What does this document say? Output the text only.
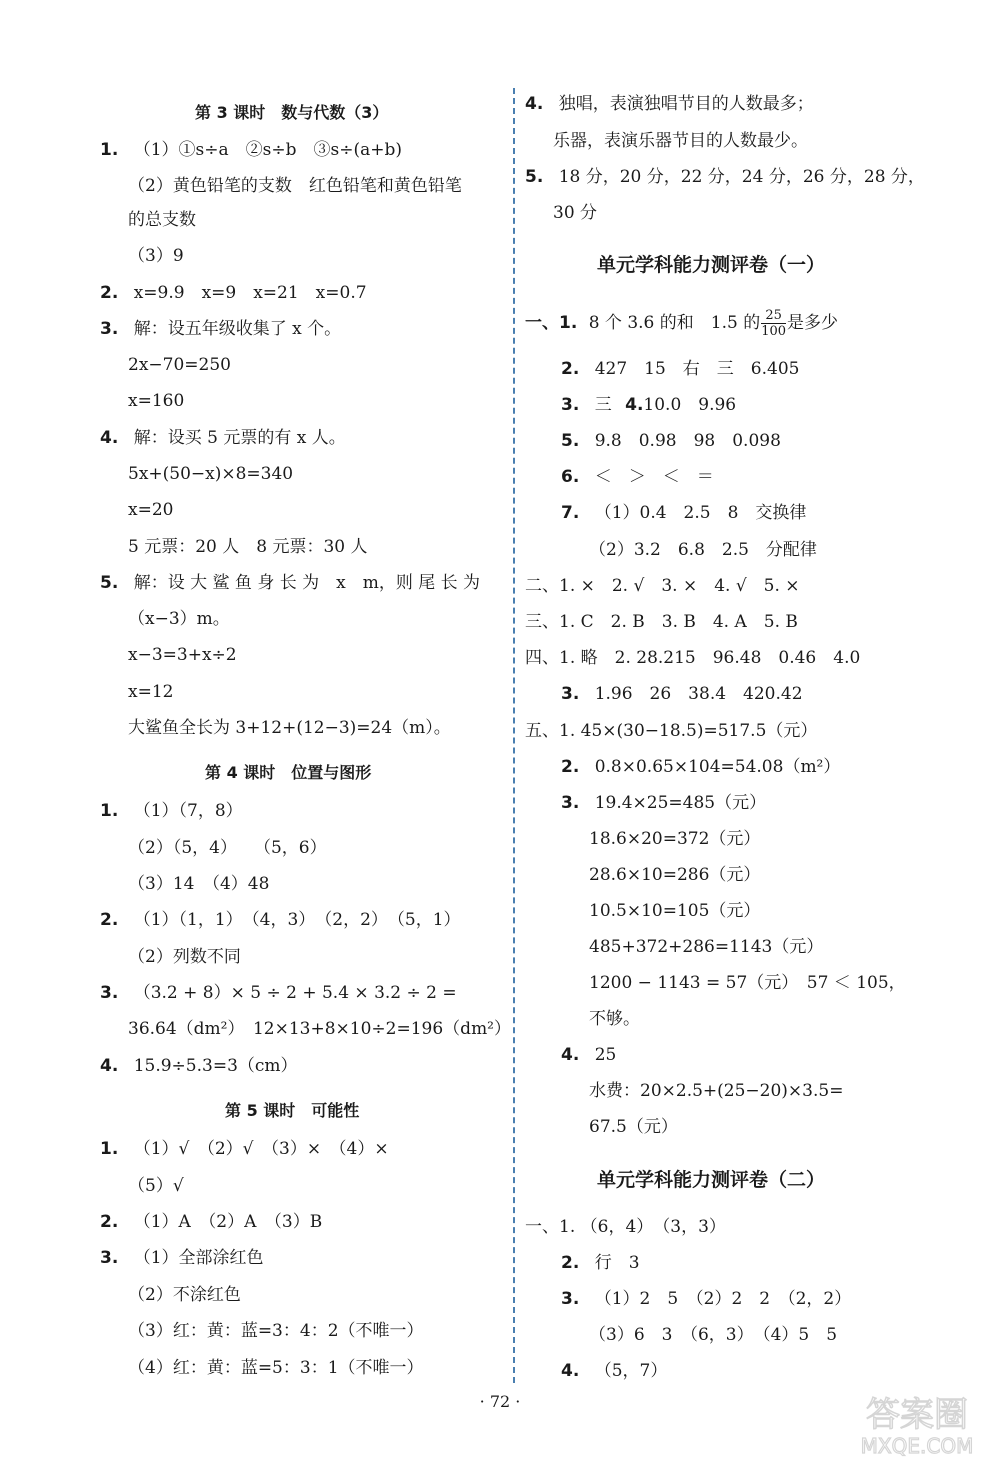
第 3 课时　数与代数（3）
1. （1）①s÷a　②s÷b　③s÷(a+b)
（2）黄色铅笔的支数　红色铅笔和黄色铅笔
的总支数
（3）9
2. x=9.9　x=9　x=21　x=0.7
3. 解：设五年级收集了 x 个。
2x−70=250
x=160
4. 解：设买 5 元票的有 x 人。
5x+(50−x)×8=340
x=20
5 元票：20 人　8 元票：30 人
5. 解：设 大 鲨 鱼 身 长 为　x　m，则 尾 长 为
（x−3）m。
x−3=3+x÷2
x=12
大鲨鱼全长为 3+12+(12−3)=24（m）。
第 4 课时　位置与图形
1. （1）（7，8）
（2）（5，4）　　（5，6）
（3）14　（4）48
2. （1）（1，1）　（4，3）　（2，2）　（5，1）
（2）列数不同
3. （3.2 + 8）× 5 ÷ 2 + 5.4 × 3.2 ÷ 2 =
36.64（dm²）　12×13+8×10÷2=196（dm²）
4. 15.9÷5.3=3（cm）
第 5 课时　可能性
1. （1）√　（2）√　（3）×　（4）×
（5）√
2. （1）A　（2）A　（3）B
3. （1）全部涂红色
（2）不涂红色
（3）红：黄：蓝=3：4：2（不唯一）
（4）红：黄：蓝=5：3：1（不唯一）
4. 独唱，表演独唱节目的人数最多；
乐器，表演乐器节目的人数最少。
5. 18 分，20 分，22 分，24 分，26 分，28 分，
30 分
单元学科能力测评卷（一）
一、1. 8 个 3.6 的和　1.5 的 $\frac{25}{100}$ 是多少
2. 427　15　右　三　6.405
3. 三 4.10.0　9.96
5. 9.8　0.98　98　0.098
6. ＜　＞　＜　＝
7. （1）0.4　2.5　8　交换律
（2）3.2　6.8　2.5　分配律
二、1. ×　2. √　3. ×　4. √　5. ×
三、1. C　2. B　3. B　4. A　5. B
四、1. 略　2. 28.215　96.48　0.46　4.0
3. 1.96　26　38.4　420.42
五、1. 45×(30−18.5)=517.5（元）
2. 0.8×0.65×104=54.08（m²）
3. 19.4×25=485（元）
18.6×20=372（元）
28.6×10=286（元）
10.5×10=105（元）
485+372+286=1143（元）
1200 − 1143 = 57（元）　57 ＜ 105，
不够。
4. 25
水费：20×2.5+(25−20)×3.5=
67.5（元）
单元学科能力测评卷（二）
一、1. （6，4）　（3，3）
2. 行　3
3. （1）2　5　（2）2　2　（2，2）
（3）6　3　（6，3）　（4）5　5
4. （5，7）
· 72 ·	答案圈
MXQE.COM
